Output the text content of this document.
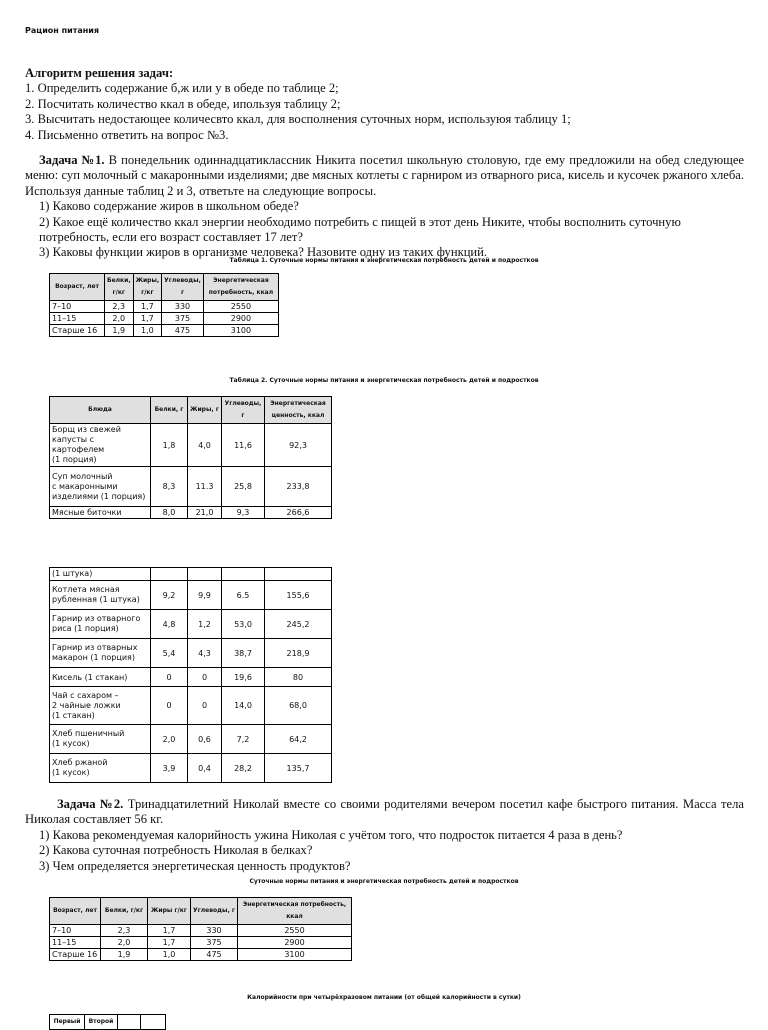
Рацион питания

Алгоритм решения задач:

1. Определить содержание б,ж или у в обеде по таблице 2;

2. Посчитать количество ккал в обеде, ипользуя таблицу 2;

3. Высчитать недостающее количесвто ккал, для восполнения суточных норм, используюя таблицу 1;

4. Письменно ответить на вопрос №3.

Задача №1. В понедельник одиннадцатиклассник Никита посетил школьную столовую, где ему предложили на обед следующее меню: суп молочный с макаронными изделиями; две мясных котлеты с гарниром из отварного риса, кисель и кусочек ржаного хлеба. Используя данные таблиц 2 и 3, ответьте на следующие вопросы.

1) Каково содержание жиров в школьном обеде?

2) Какое ещё количество ккал энергии необходимо потребить с пищей в этот день Никите, чтобы восполнить суточную потребность, если его возраст составляет 17 лет?

3) Каковы функции жиров в организме человека? Назовите одну из таких функций.

Таблица 1. Суточные нормы питания и энергетическая потребность детей и подростков
Возраст, лет	Белки, г/кг	Жиры, г/кг	Углеводы, г	Энергетическая потребность, ккал
7–10	2,3	1,7	330	2550
11–15	2,0	1,7	375	2900
Старше 16	1,9	1,0	475	3100
Таблица 2. Суточные нормы питания и энергетическая потребность детей и подростков
Блюда	Белки, г	Жиры, г	Углеводы, г	Энергетическая ценность, ккал
Борщ из свежей
капусты с картофелем
(1 порция)	1,8	4,0	11,6	92,3
Суп молочный
с макаронными
изделиями (1 порция)	8,3	11.3	25,8	233,8
Мясные биточки	8,0	21,0	9,3	266,6
(1 штука)				
Котлета мясная
рубленная (1 штука)	9,2	9,9	6.5	155,6
Гарнир из отварного
риса (1 порция)	4,8	1,2	53,0	245,2
Гарнир из отварных
макарон (1 порция)	5,4	4,3	38,7	218,9
Кисель (1 стакан)	0	0	19,6	80
Чай с сахаром –
2 чайные ложки
(1 стакан)	0	0	14,0	68,0
Хлеб пшеничный
(1 кусок)	2,0	0,6	7,2	64,2
Хлеб ржаной
(1 кусок)	3,9	0,4	28,2	135,7

Задача №2. Тринадцатилетний Николай вместе со своими родителями вечером посетил кафе быстрого питания. Масса тела Николая составляет 56 кг.

1) Какова рекомендуемая калорийность ужина Николая с учётом того, что подросток питается 4 раза в день?

2) Какова суточная потребность Николая в белках?

3) Чем определяется энергетическая ценность продуктов?

Суточные нормы питания и энергетическая потребность детей и подростков
Возраст, лет	Белки, г/кг	Жиры г/кг	Углеводы, г	Энергетическая потребность, ккал
7–10	2,3	1,7	330	2550
11–15	2,0	1,7	375	2900
Старше 16	1,9	1,0	475	3100
Калорийности при четырёхразовом питании (от общей калорийности в сутки)
Первый	Второй		
